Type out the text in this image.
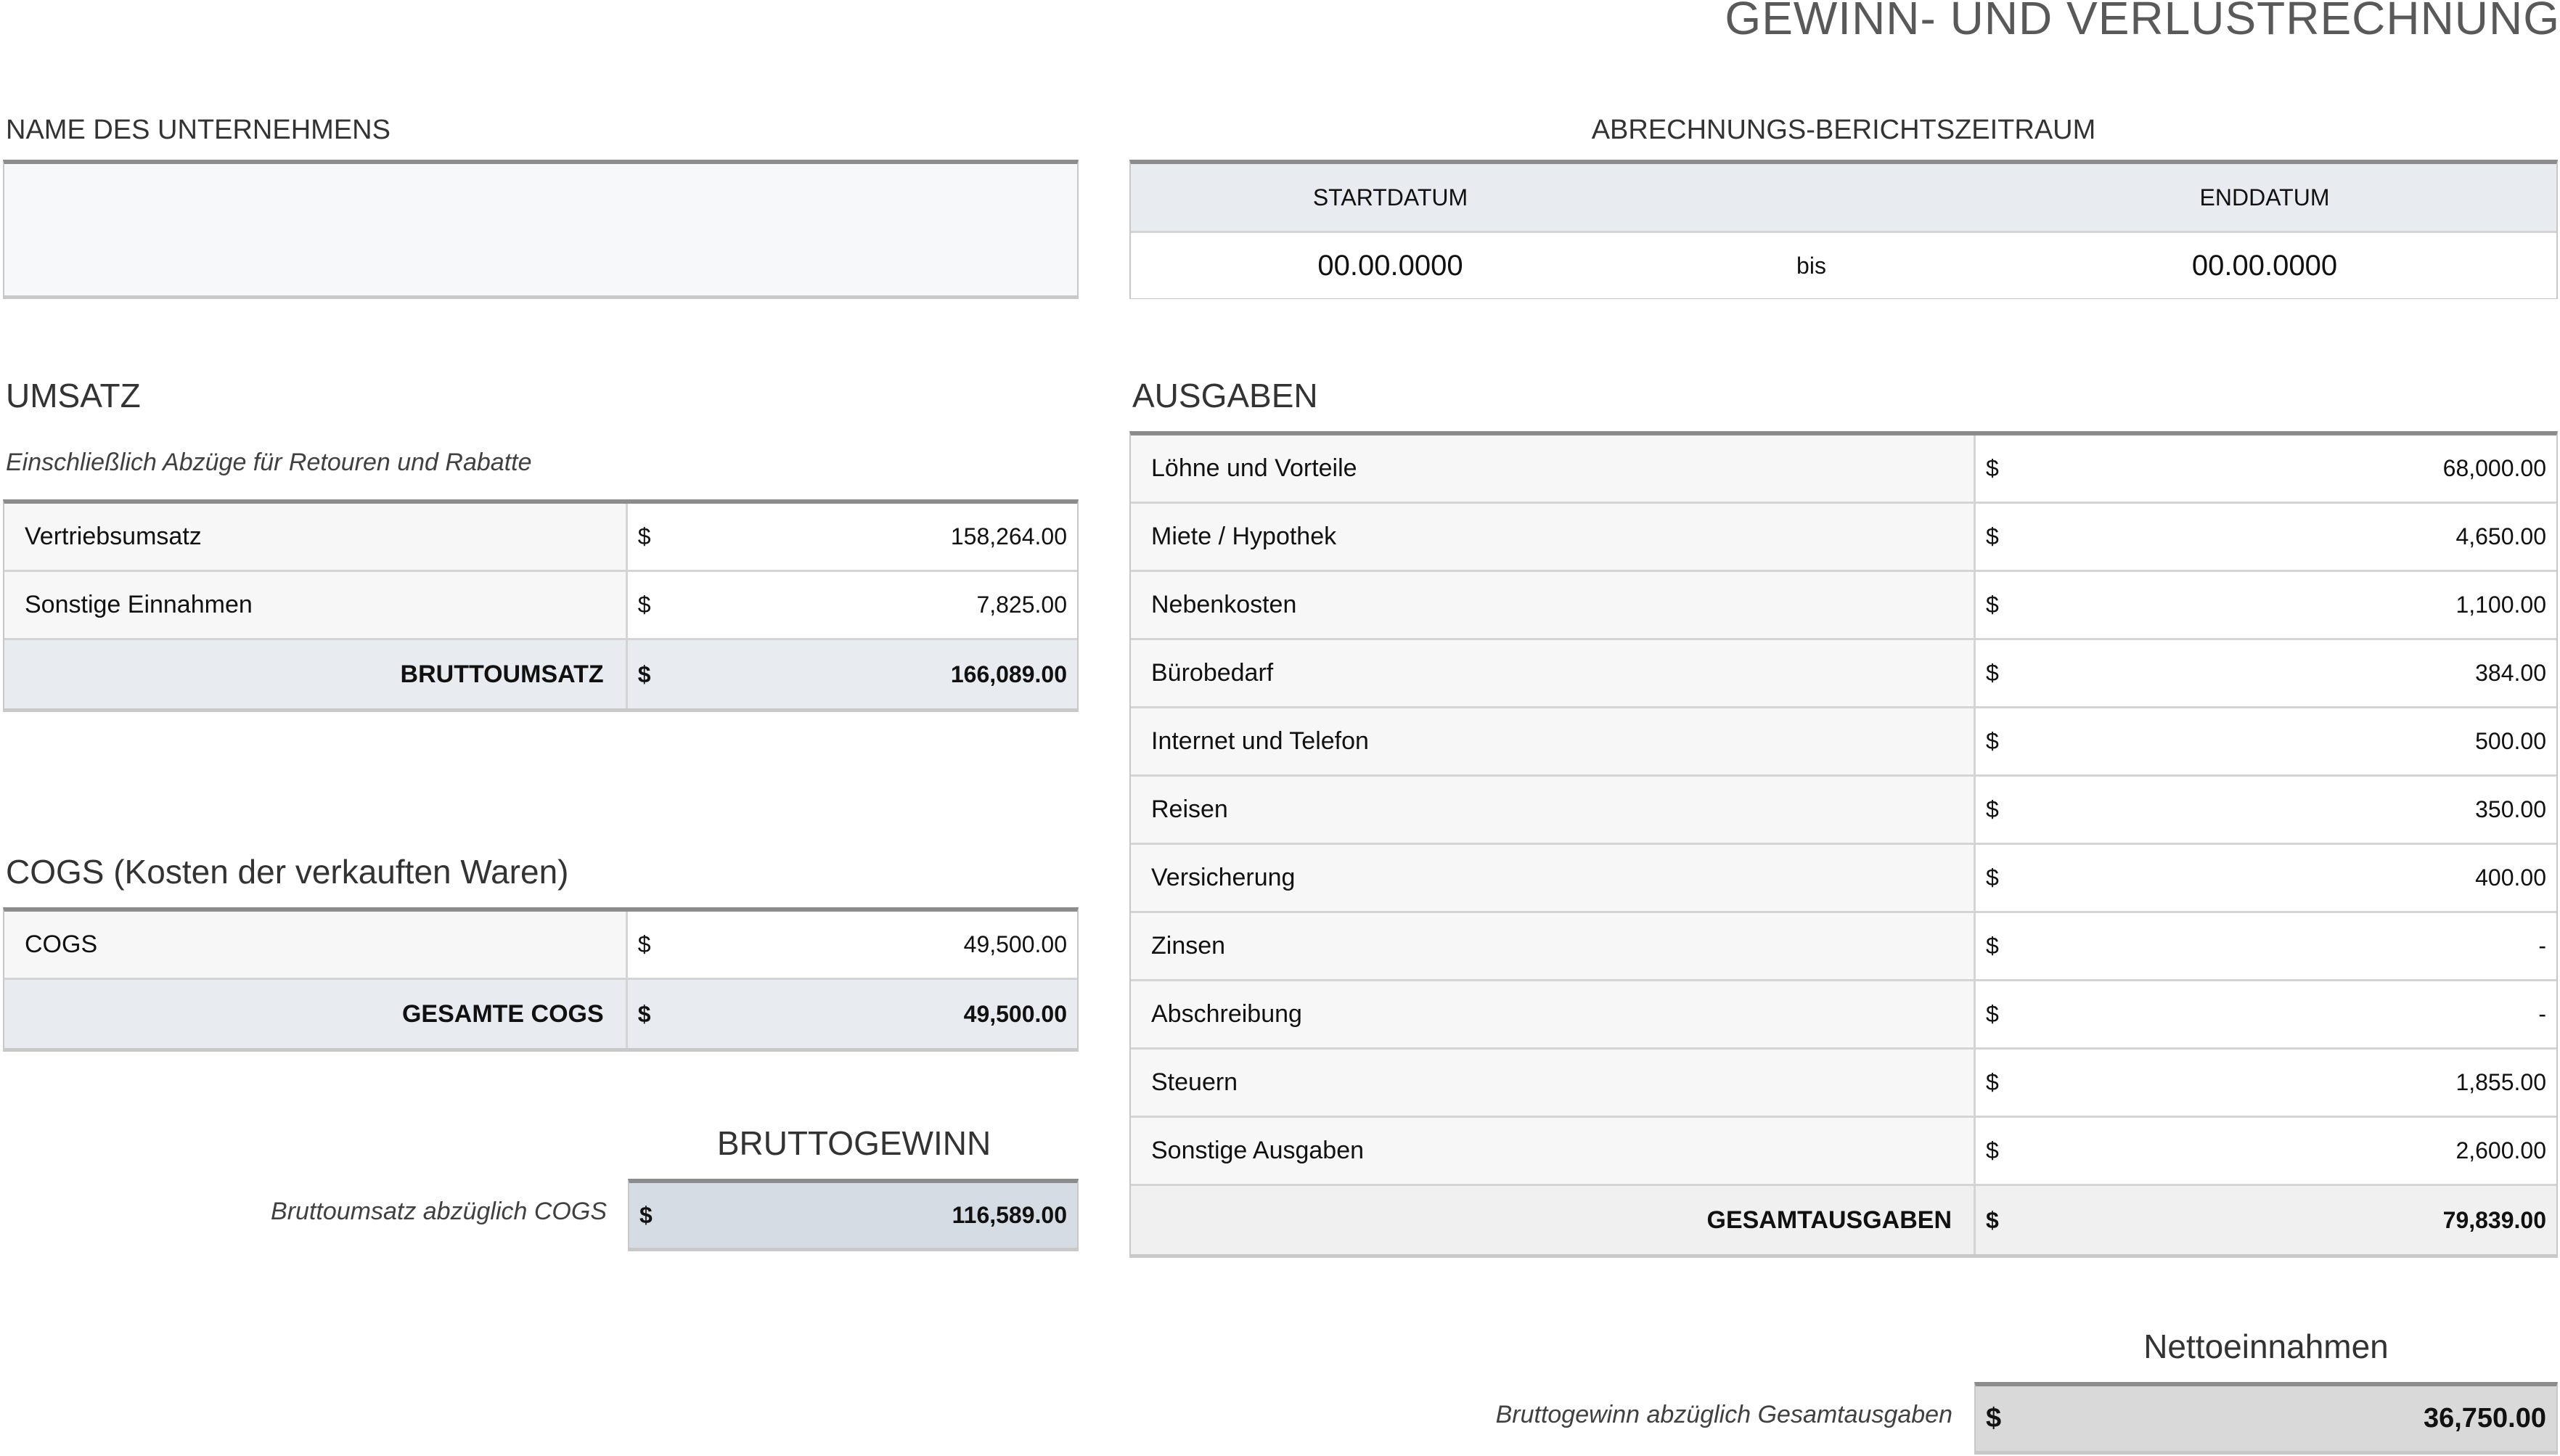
GEWINN- UND VERLUSTRECHNUNG
NAME DES UNTERNEHMENS	ABRECHNUNGS-BERICHTSZEITRAUM
STARTDATUM	ENDDATUM
00.00.0000	bis	00.00.0000
UMSATZ
Einschließlich Abzüge für Retouren und Rabatte
Vertriebsumsatz	$	158,264.00
Sonstige Einnahmen	$	7,825.00
BRUTTOUMSATZ	$	166,089.00
COGS (Kosten der verkauften Waren)
COGS	$	49,500.00
GESAMTE COGS	$	49,500.00
BRUTTOGEWINN
Bruttoumsatz abzüglich COGS $	116,589.00
AUSGABEN
Löhne und Vorteile	$	68,000.00
Miete / Hypothek	$	4,650.00
Nebenkosten	$	1,100.00
Bürobedarf	$	384.00
Internet und Telefon	$	500.00
Reisen	$	350.00
Versicherung	$	400.00
Zinsen	$	-
Abschreibung	$	-
Steuern	$	1,855.00
Sonstige Ausgaben	$	2,600.00
GESAMTAUSGABEN	$	79,839.00
Nettoeinnahmen
Bruttogewinn abzüglich Gesamtausgaben $	36,750.00
